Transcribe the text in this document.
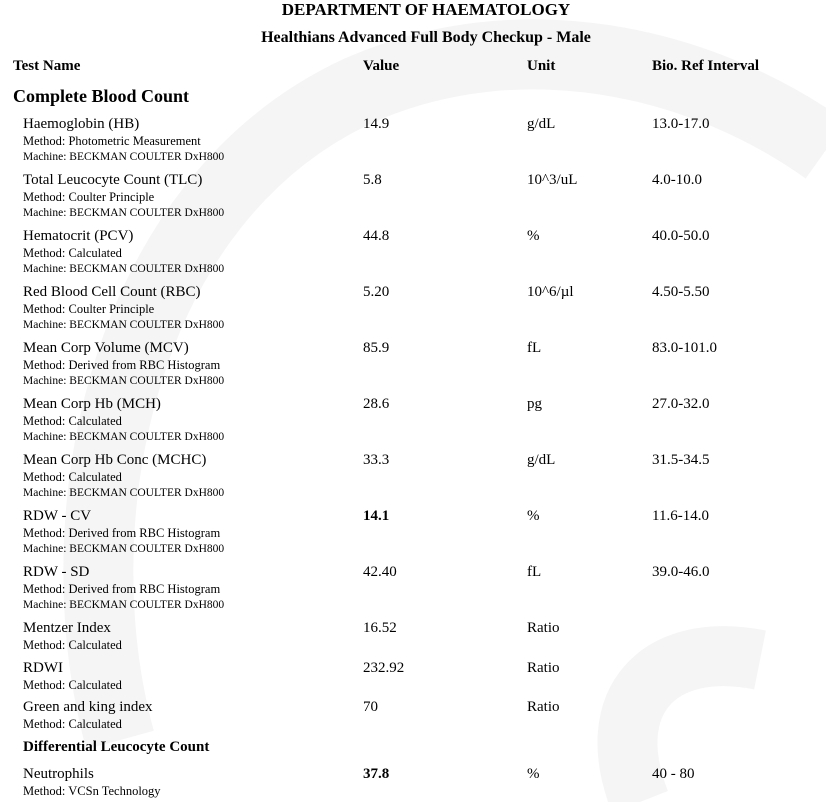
DEPARTMENT OF HAEMATOLOGY
Healthians Advanced Full Body Checkup - Male
Test Name	Value	Unit	Bio. Ref Interval
Complete Blood Count
Haemoglobin (HB)	14.9	g/dL	13.0-17.0
Method: Photometric Measurement
Machine: BECKMAN COULTER DxH800
Total Leucocyte Count (TLC)	5.8	10^3/uL	4.0-10.0
Method: Coulter Principle
Machine: BECKMAN COULTER DxH800
Hematocrit (PCV)	44.8	%	40.0-50.0
Method: Calculated
Machine: BECKMAN COULTER DxH800
Red Blood Cell Count (RBC)	5.20	10^6/µl	4.50-5.50
Method: Coulter Principle
Machine: BECKMAN COULTER DxH800
Mean Corp Volume (MCV)	85.9	fL	83.0-101.0
Method: Derived from RBC Histogram
Machine: BECKMAN COULTER DxH800
Mean Corp Hb (MCH)	28.6	pg	27.0-32.0
Method: Calculated
Machine: BECKMAN COULTER DxH800
Mean Corp Hb Conc (MCHC)	33.3	g/dL	31.5-34.5
Method: Calculated
Machine: BECKMAN COULTER DxH800
RDW - CV	14.1	%	11.6-14.0
Method: Derived from RBC Histogram
Machine: BECKMAN COULTER DxH800
RDW - SD	42.40	fL	39.0-46.0
Method: Derived from RBC Histogram
Machine: BECKMAN COULTER DxH800
Mentzer Index	16.52	Ratio
Method: Calculated
RDWI	232.92	Ratio
Method: Calculated
Green and king index	70	Ratio
Method: Calculated
Differential Leucocyte Count
Neutrophils	37.8	%	40 - 80
Method: VCSn Technology
